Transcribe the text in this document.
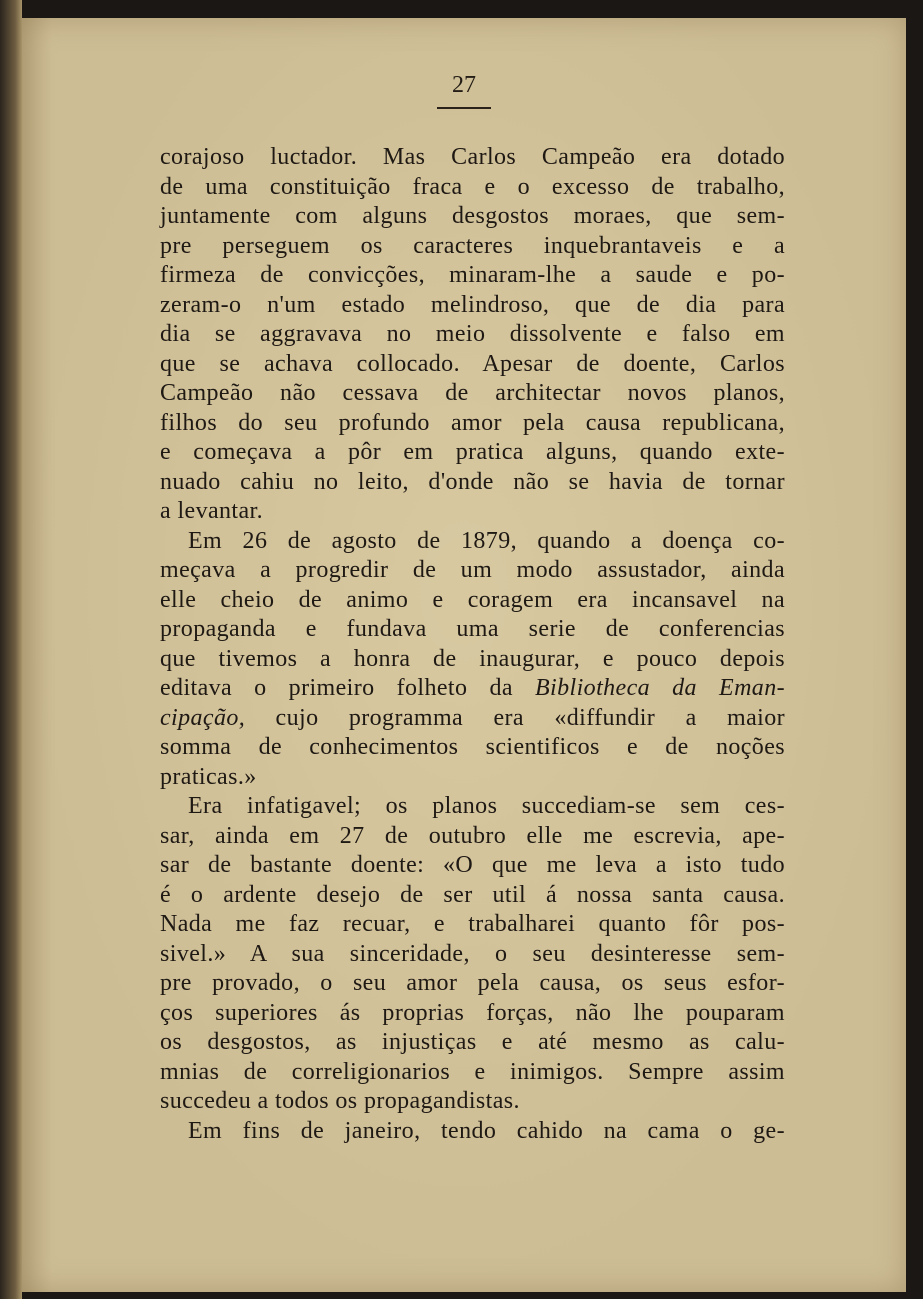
27
corajoso luctador. Mas Carlos Campeão era dotado
de uma constituição fraca e o excesso de trabalho,
juntamente com alguns desgostos moraes, que sem-
pre perseguem os caracteres inquebrantaveis e a
firmeza de convicções, minaram-lhe a saude e po-
zeram-o n'um estado melindroso, que de dia para
dia se aggravava no meio dissolvente e falso em
que se achava collocado. Apesar de doente, Carlos
Campeão não cessava de architectar novos planos,
filhos do seu profundo amor pela causa republicana,
e começava a pôr em pratica alguns, quando exte-
nuado cahiu no leito, d'onde não se havia de tornar
a levantar.
Em 26 de agosto de 1879, quando a doença co-
meçava a progredir de um modo assustador, ainda
elle cheio de animo e coragem era incansavel na
propaganda e fundava uma serie de conferencias
que tivemos a honra de inaugurar, e pouco depois
editava o primeiro folheto da Bibliotheca da Eman-
cipação, cujo programma era «diffundir a maior
somma de conhecimentos scientificos e de noções
praticas.»
Era infatigavel; os planos succediam-se sem ces-
sar, ainda em 27 de outubro elle me escrevia, ape-
sar de bastante doente: «O que me leva a isto tudo
é o ardente desejo de ser util á nossa santa causa.
Nada me faz recuar, e trabalharei quanto fôr pos-
sivel.» A sua sinceridade, o seu desinteresse sem-
pre provado, o seu amor pela causa, os seus esfor-
ços superiores ás proprias forças, não lhe pouparam
os desgostos, as injustiças e até mesmo as calu-
mnias de correligionarios e inimigos. Sempre assim
succedeu a todos os propagandistas.
Em fins de janeiro, tendo cahido na cama o ge-
